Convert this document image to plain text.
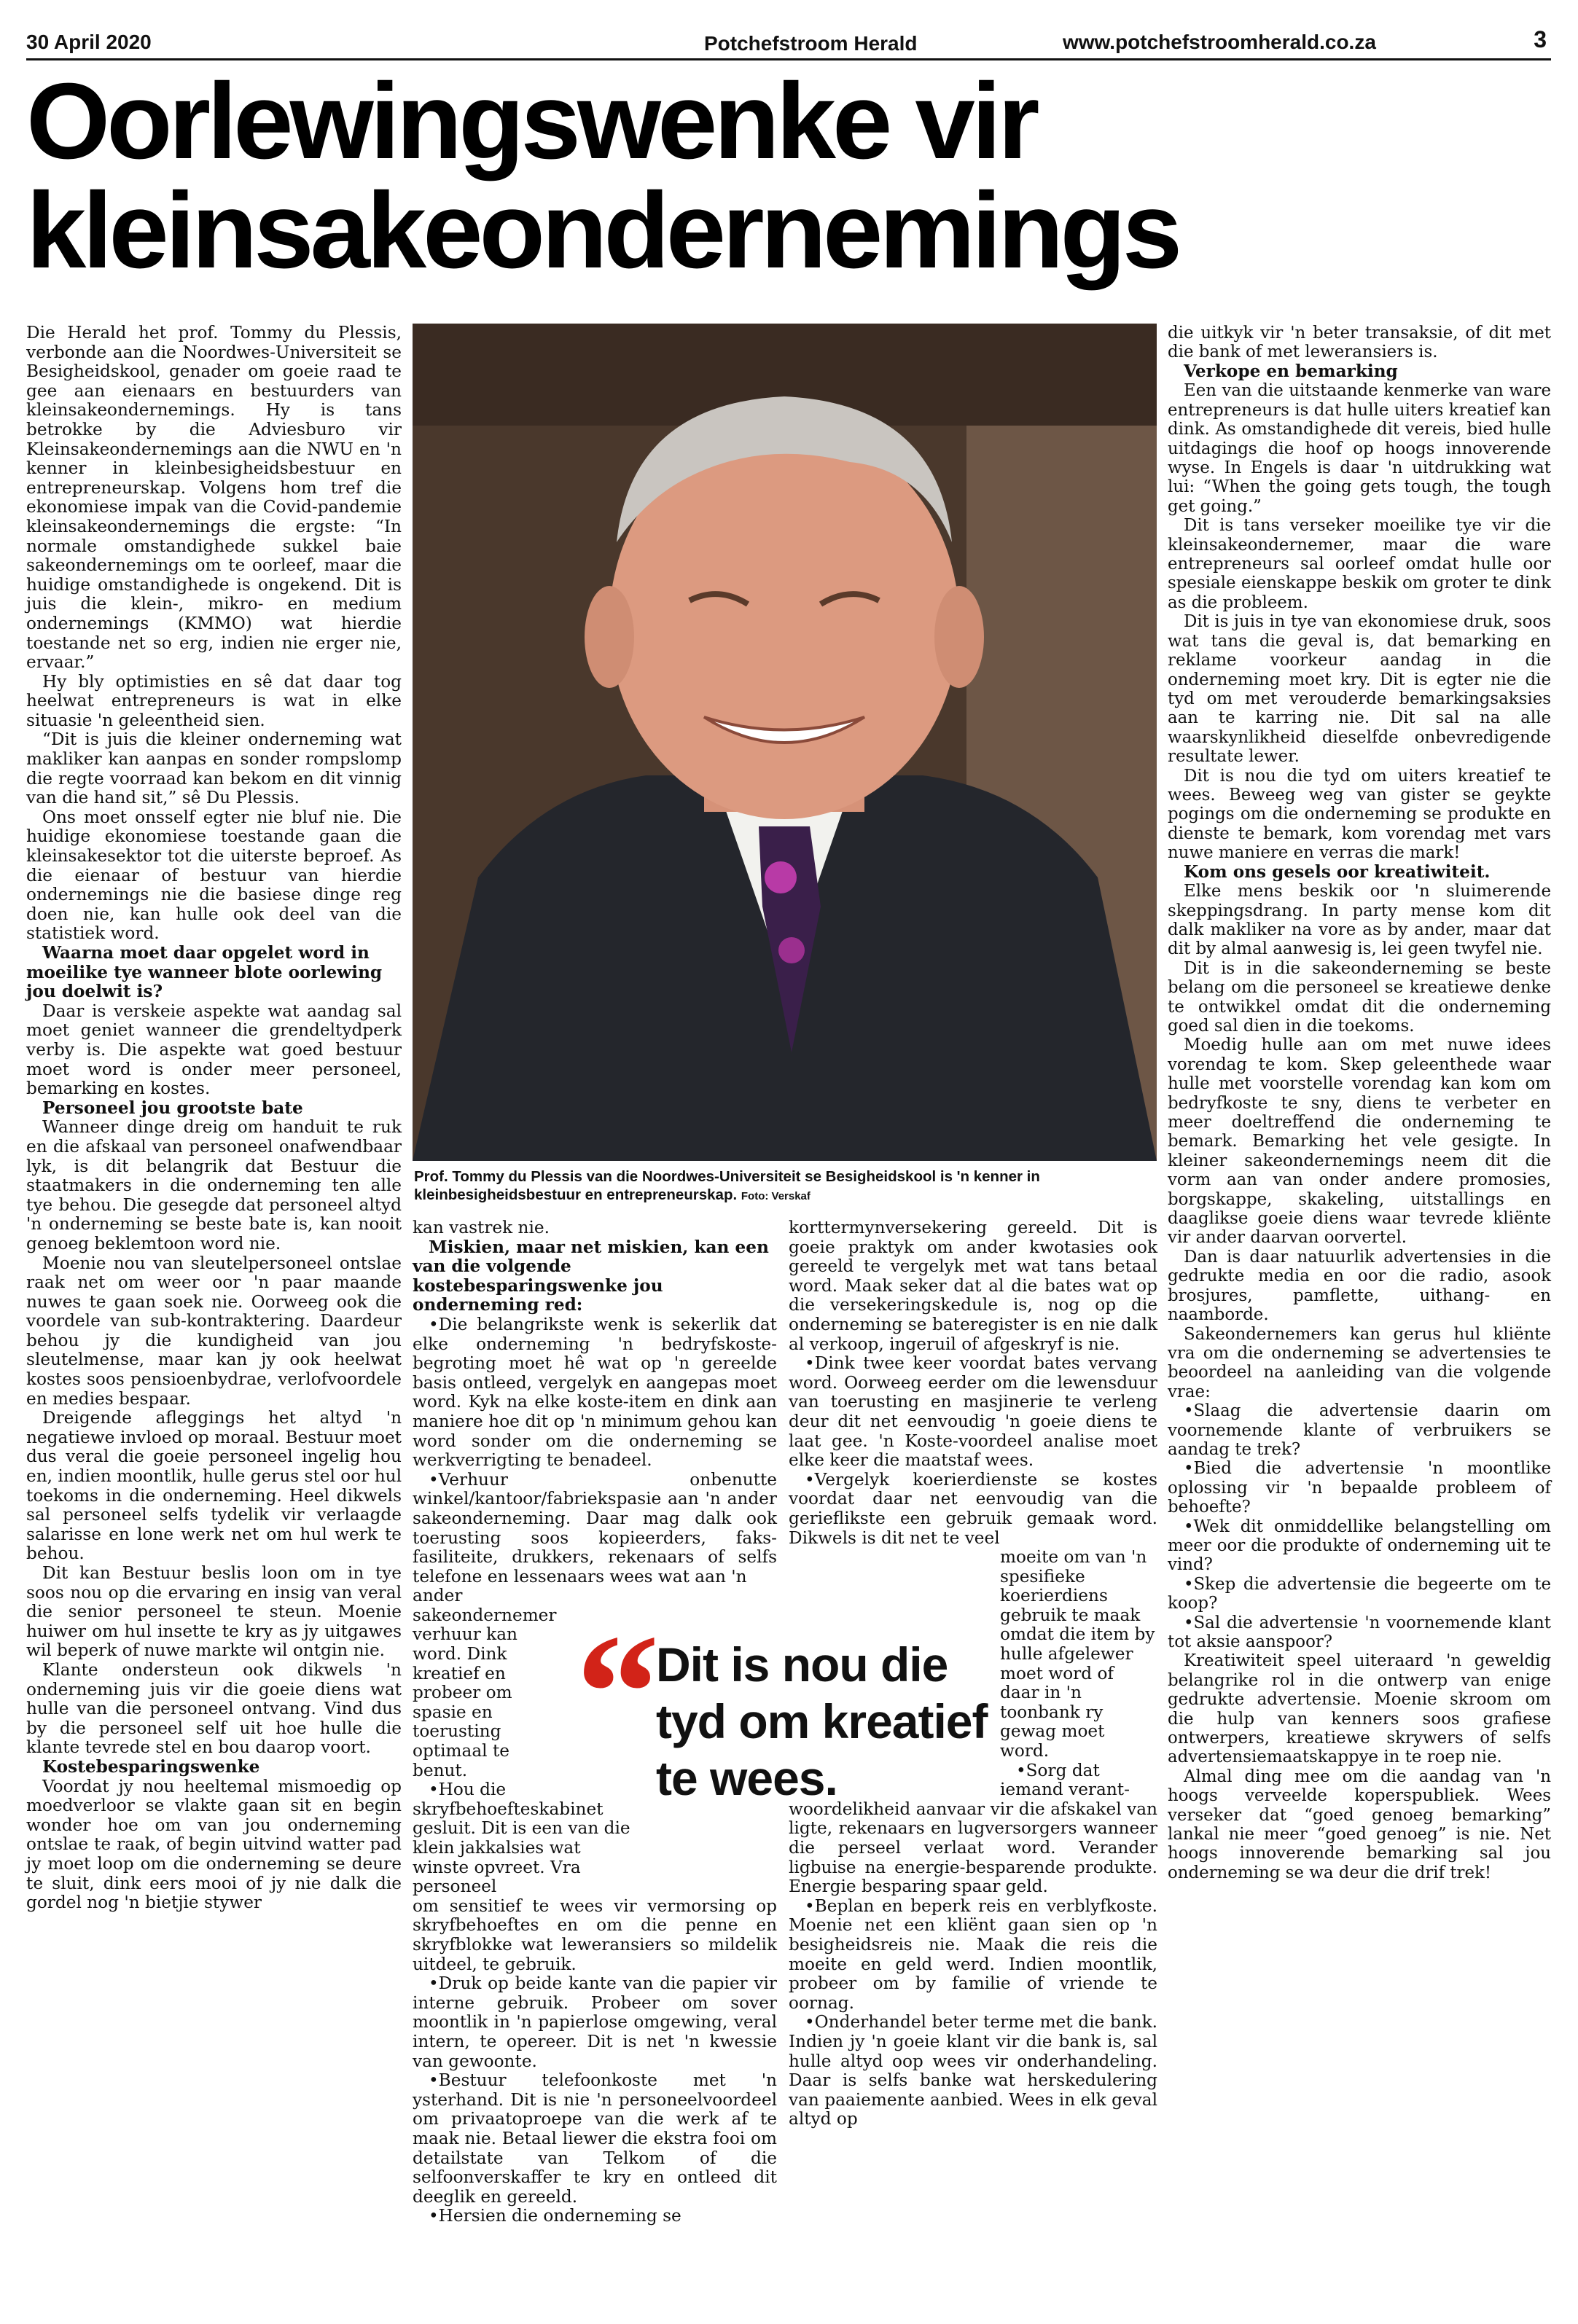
30 April 2020	Potchefstroom Herald	www.potchefstroomherald.co.za	3
Oorlewingswenke vir
kleinsakeondernemings

Die Herald het prof. Tommy du Plessis, verbonde aan die Noordwes-Universiteit se Besigheidskool, genader om goeie raad te gee aan eienaars en bestuurders van kleinsakeondernemings. Hy is tans betrokke by die Adviesburo vir Kleinsakeondernemings aan die NWU en 'n kenner in kleinbesigheidsbestuur en entrepreneurskap. Volgens hom tref die ekonomiese impak van die Covid-pandemie kleinsakeondernemings die ergste: “In normale omstandighede sukkel baie sakeondernemings om te oorleef, maar die huidige omstandighede is ongekend. Dit is juis die klein-, mikro- en medium ondernemings (KMMO) wat hierdie toestande net so erg, indien nie erger nie, ervaar.”

Hy bly optimisties en sê dat daar tog heelwat entrepreneurs is wat in elke situasie 'n geleentheid sien.

“Dit is juis die kleiner onderneming wat makliker kan aanpas en sonder rompslomp die regte voorraad kan bekom en dit vinnig van die hand sit,” sê Du Plessis.

Ons moet onsself egter nie bluf nie. Die huidige ekonomiese toestande gaan die kleinsakesektor tot die uiterste beproef. As die eienaar of bestuur van hierdie ondernemings nie die basiese dinge reg doen nie, kan hulle ook deel van die statistiek word.

Waarna moet daar opgelet word in moeilike tye wanneer blote oorlewing jou doelwit is?

Daar is verskeie aspekte wat aandag sal moet geniet wanneer die grendeltydperk verby is. Die aspekte wat goed bestuur moet word is onder meer personeel, bemarking en kostes.

Personeel jou grootste bate

Wanneer dinge dreig om handuit te ruk en die afskaal van personeel onafwendbaar lyk, is dit belangrik dat Bestuur die staatmakers in die onderneming ten alle tye behou. Die gesegde dat personeel altyd 'n onderneming se beste bate is, kan nooit genoeg beklemtoon word nie.

Moenie nou van sleutelpersoneel ontslae raak net om weer oor 'n paar maande nuwes te gaan soek nie. Oorweeg ook die voordele van sub-kontraktering. Daardeur behou jy die kundigheid van jou sleutelmense, maar kan jy ook heelwat kostes soos pensioenbydrae, verlofvoordele en medies bespaar.

Dreigende afleggings het altyd 'n negatiewe invloed op moraal. Bestuur moet dus veral die goeie personeel ingelig hou en, indien moontlik, hulle gerus stel oor hul toekoms in die onderneming. Heel dikwels sal personeel selfs tydelik vir verlaagde salarisse en lone werk net om hul werk te behou.

Dit kan Bestuur beslis loon om in tye soos nou op die ervaring en insig van veral die senior personeel te steun. Moenie huiwer om hul insette te kry as jy uitgawes wil beperk of nuwe markte wil ontgin nie.

Klante ondersteun ook dikwels 'n onderneming juis vir die goeie diens wat hulle van die personeel ontvang. Vind dus by die personeel self uit hoe hulle die klante tevrede stel en bou daarop voort.

Kostebesparingswenke

Voordat jy nou heeltemal mismoedig op moedverloor se vlakte gaan sit en begin wonder hoe om van jou onderneming ontslae te raak, of begin uitvind watter pad jy moet loop om die onderneming se deure te sluit, dink eers mooi of jy nie dalk die gordel nog 'n bietjie stywer

Prof. Tommy du Plessis van die Noordwes-Universiteit se Besigheidskool is 'n kenner in kleinbesigheidsbestuur en entrepreneurskap. Foto: Verskaf

kan vastrek nie.

Miskien, maar net miskien, kan een van die volgende kostebesparingswenke jou onderneming red:

•Die belangrikste wenk is sekerlik dat elke onderneming 'n bedryfskoste-begroting moet hê wat op 'n gereelde basis ontleed, vergelyk en aangepas moet word. Kyk na elke koste-item en dink aan maniere hoe dit op 'n minimum gehou kan word sonder om die onderneming se werkverrigting te benadeel.

•Verhuur onbenutte winkel/kantoor/fabriekspasie aan 'n ander sakeonderneming. Daar mag dalk ook toerusting soos kopieerders, faks-fasiliteite, drukkers, rekenaars of selfs telefone en lessenaars wees wat aan 'n

ander sakeondernemer verhuur kan word. Dink kreatief en probeer om spasie en toerusting optimaal te benut.

•Hou die skryfbehoefteskabinet gesluit. Dit is een van die klein jakkalsies wat winste opvreet. Vra personeel

om sensitief te wees vir vermorsing op skryfbehoeftes en om die penne en skryfblokke wat leweransiers so mildelik uitdeel, te gebruik.

•Druk op beide kante van die papier vir interne gebruik. Probeer om sover moontlik in 'n papierlose omgewing, veral intern, te opereer. Dit is net 'n kwessie van gewoonte.

•Bestuur telefoonkoste met 'n ysterhand. Dit is nie 'n personeelvoordeel om privaatoproepe van die werk af te maak nie. Betaal liewer die ekstra fooi om detailstate van Telkom of die selfoonverskaffer te kry en ontleed dit deeglik en gereeld.

•Hersien die onderneming se

korttermynversekering gereeld. Dit is goeie praktyk om ander kwotasies ook gereeld te vergelyk met wat tans betaal word. Maak seker dat al die bates wat op die versekeringskedule is, nog op die onderneming se bateregister is en nie dalk al verkoop, ingeruil of afgeskryf is nie.

•Dink twee keer voordat bates vervang word. Oorweeg eerder om die lewensduur van toerusting en masjinerie te verleng deur dit net eenvoudig 'n goeie diens te laat gee. 'n Koste-voordeel analise moet elke keer die maatstaf wees.

•Vergelyk koerierdienste se kostes voordat daar net eenvoudig van die gerieflikste een gebruik gemaak word. Dikwels is dit net te veel

moeite om van 'n spesifieke koerierdiens gebruik te maak omdat die item by hulle afgelewer moet word of daar in 'n toonbank ry gewag moet word.

•Sorg dat iemand verant-

woordelikheid aanvaar vir die afskakel van ligte, rekenaars en lugversorgers wanneer die perseel verlaat word. Verander ligbuise na energie-besparende produkte. Energie besparing spaar geld.

•Beplan en beperk reis en verblyfkoste. Moenie net een kliënt gaan sien op 'n besigheidsreis nie. Maak die reis die moeite en geld werd. Indien moontlik, probeer om by familie of vriende te oornag.

•Onderhandel beter terme met die bank. Indien jy 'n goeie klant vir die bank is, sal hulle altyd oop wees vir onderhandeling. Daar is selfs banke wat herskedulering van paaiemente aanbied. Wees in elk geval altyd op

“
Dit is nou die tyd om kreatief te wees.

die uitkyk vir 'n beter transaksie, of dit met die bank of met leweransiers is.

Verkope en bemarking

Een van die uitstaande kenmerke van ware entrepreneurs is dat hulle uiters kreatief kan dink. As omstandighede dit vereis, bied hulle uitdagings die hoof op hoogs innoverende wyse. In Engels is daar 'n uitdrukking wat lui: “When the going gets tough, the tough get going.”

Dit is tans verseker moeilike tye vir die kleinsakeondernemer, maar die ware entrepreneurs sal oorleef omdat hulle oor spesiale eienskappe beskik om groter te dink as die probleem.

Dit is juis in tye van ekonomiese druk, soos wat tans die geval is, dat bemarking en reklame voorkeur aandag in die onderneming moet kry. Dit is egter nie die tyd om met verouderde bemarkingsaksies aan te karring nie. Dit sal na alle waarskynlikheid dieselfde onbevredigende resultate lewer.

Dit is nou die tyd om uiters kreatief te wees. Beweeg weg van gister se geykte pogings om die onderneming se produkte en dienste te bemark, kom vorendag met vars nuwe maniere en verras die mark!

Kom ons gesels oor kreatiwiteit.

Elke mens beskik oor 'n sluimerende skeppingsdrang. In party mense kom dit dalk makliker na vore as by ander, maar dat dit by almal aanwesig is, lei geen twyfel nie.

Dit is in die sakeonderneming se beste belang om die personeel se kreatiewe denke te ontwikkel omdat dit die onderneming goed sal dien in die toekoms.

Moedig hulle aan om met nuwe idees vorendag te kom. Skep geleenthede waar hulle met voorstelle vorendag kan kom om bedryfkoste te sny, diens te verbeter en meer doeltreffend die onderneming te bemark. Bemarking het vele gesigte. In kleiner sakeondernemings neem dit die vorm aan van onder andere promosies, borgskappe, skakeling, uitstallings en daaglikse goeie diens waar tevrede kliënte vir ander daarvan oorvertel.

Dan is daar natuurlik advertensies in die gedrukte media en oor die radio, asook brosjures, pamflette, uithang- en naamborde.

Sakeondernemers kan gerus hul kliënte vra om die onderneming se advertensies te beoordeel na aanleiding van die volgende vrae:

•Slaag die advertensie daarin om voornemende klante of verbruikers se aandag te trek?

•Bied die advertensie 'n moontlike oplossing vir 'n bepaalde probleem of behoefte?

•Wek dit onmiddellike belangstelling om meer oor die produkte of onderneming uit te vind?

•Skep die advertensie die begeerte om te koop?

•Sal die advertensie 'n voornemende klant tot aksie aanspoor?

Kreatiwiteit speel uiteraard 'n geweldig belangrike rol in die ontwerp van enige gedrukte advertensie. Moenie skroom om die hulp van kenners soos grafiese ontwerpers, kreatiewe skrywers of selfs advertensiemaatskappye in te roep nie.

Almal ding mee om die aandag van 'n hoogs verveelde koperspubliek. Wees verseker dat “goed genoeg bemarking” lankal nie meer “goed genoeg” is nie. Net hoogs innoverende bemarking sal jou onderneming se wa deur die drif trek!
